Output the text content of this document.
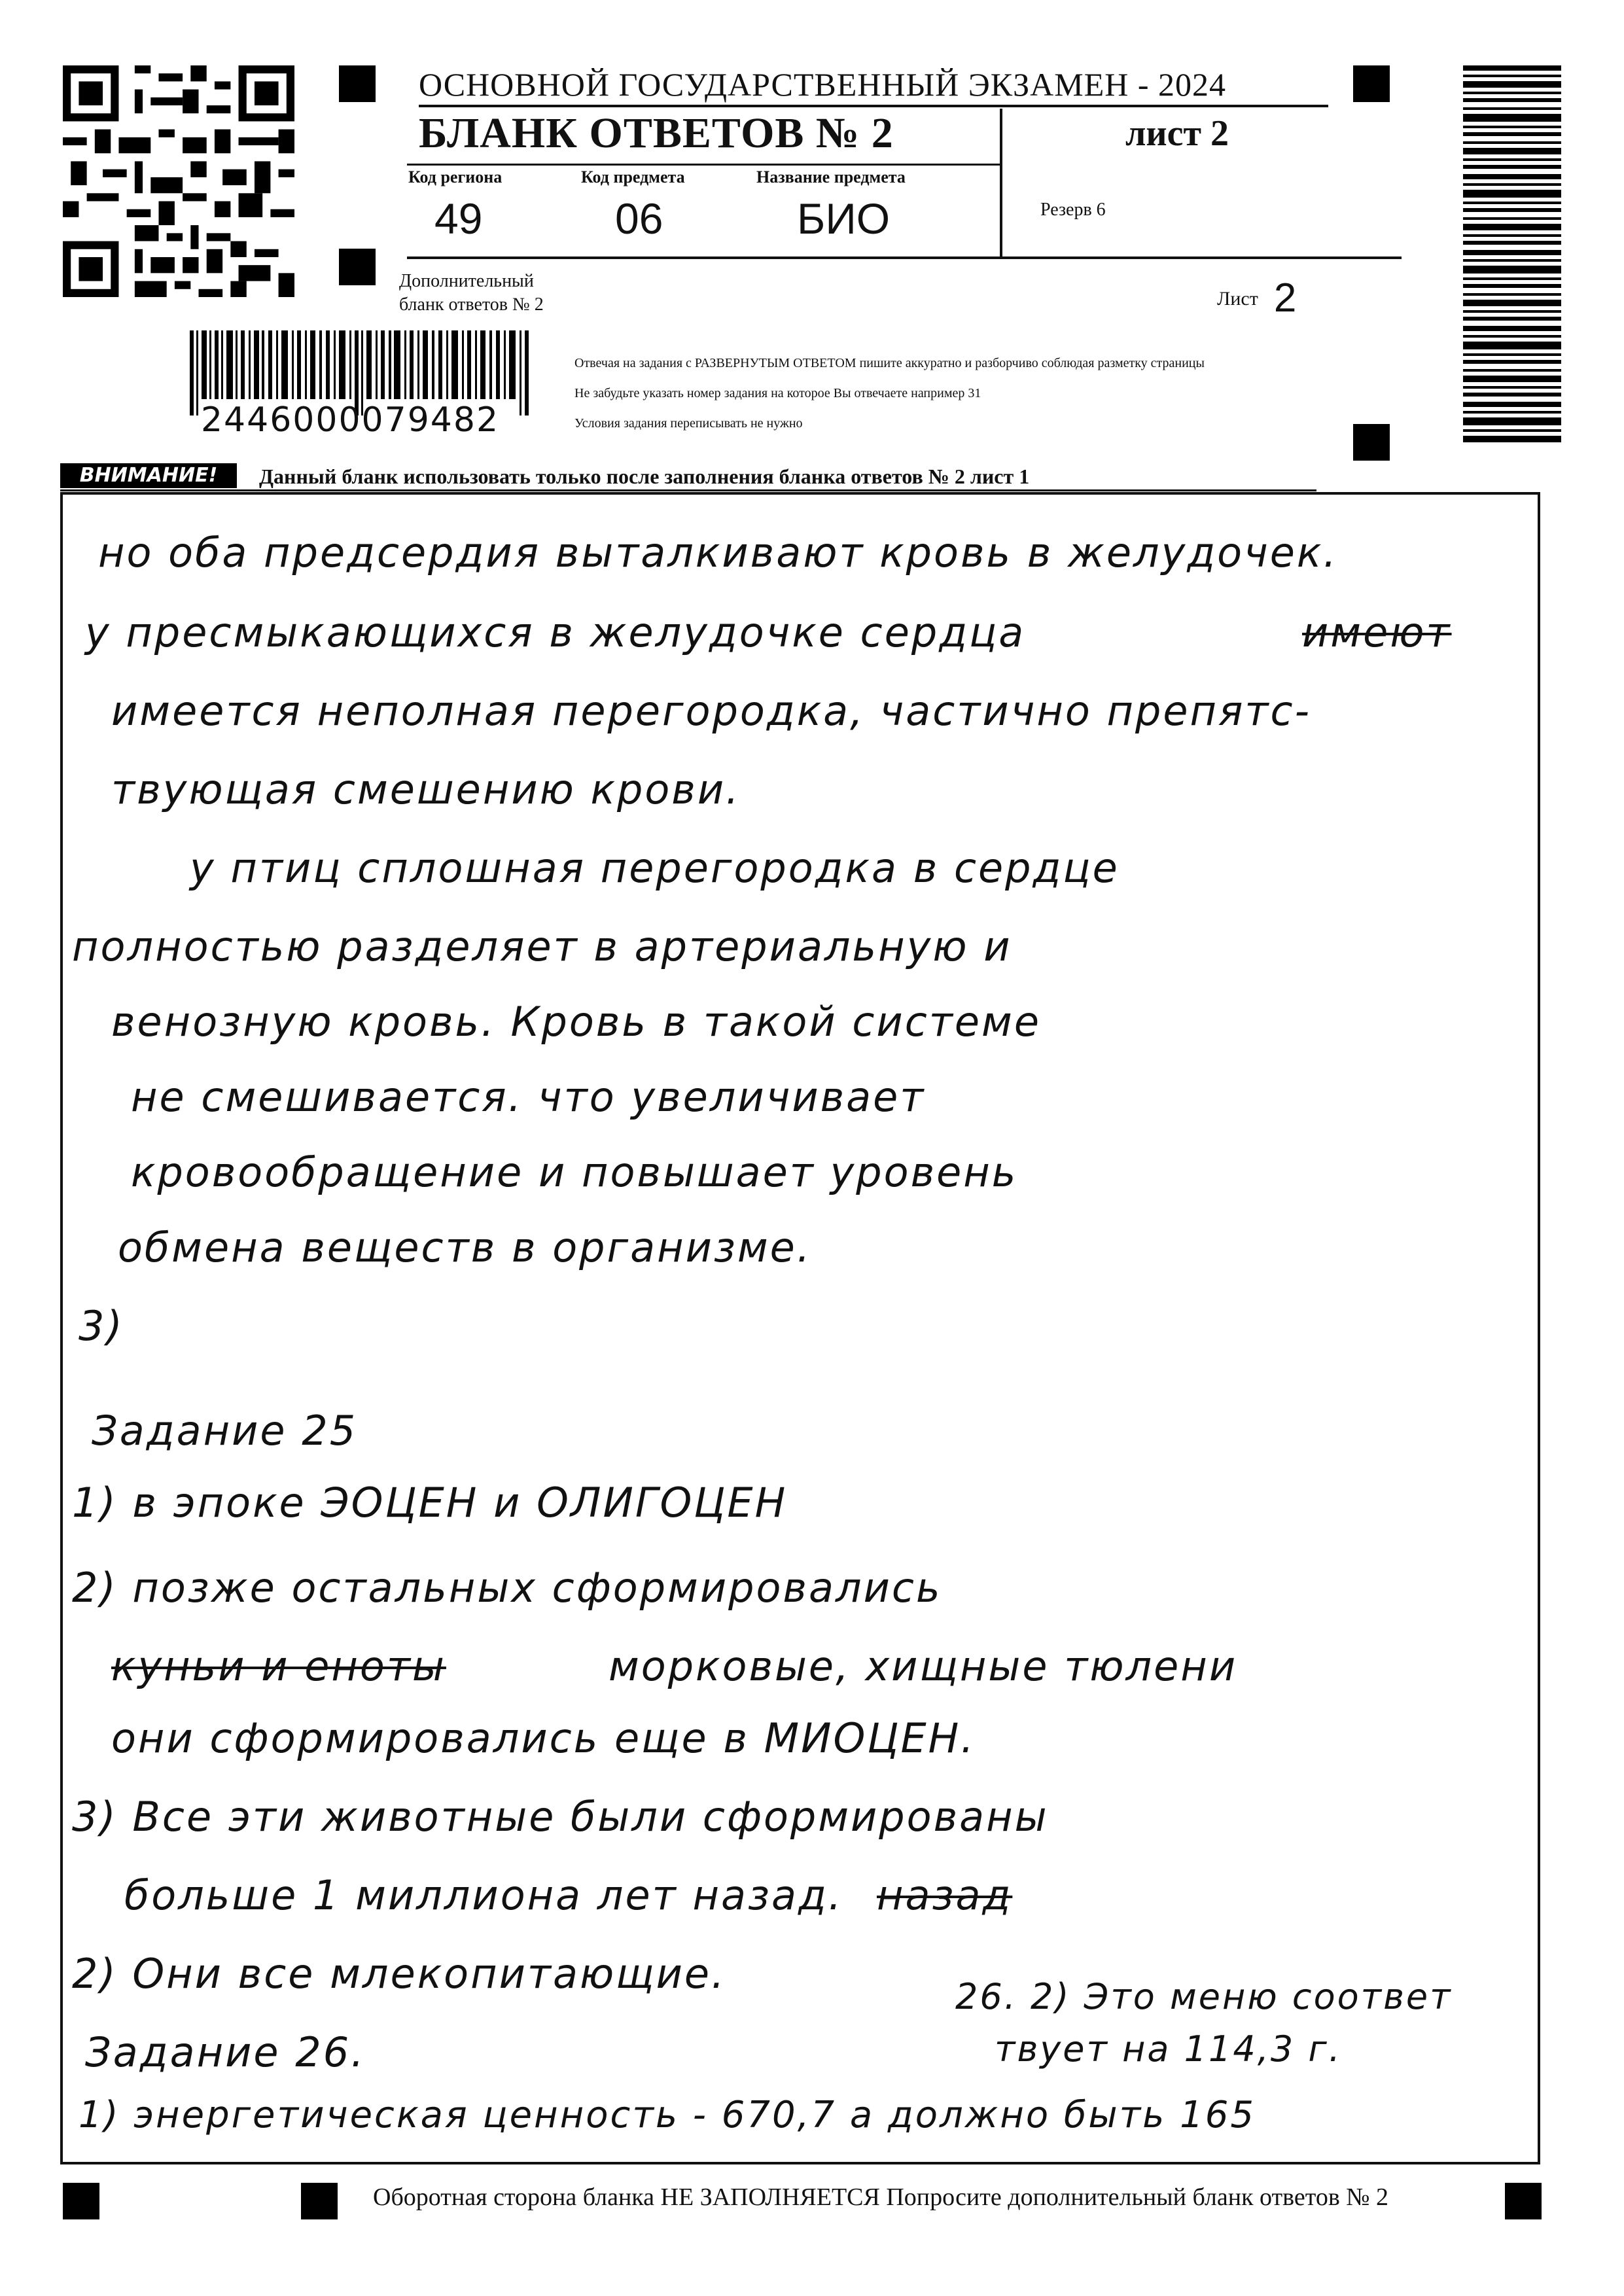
2446000079482
ОСНОВНОЙ ГОСУДАРСТВЕННЫЙ ЭКЗАМЕН - 2024
БЛАНК ОТВЕТОВ № 2	лист 2
Код региона
49
Код предмета
06
Название предмета
БИО	Резерв 6
Дополнительный
бланк ответов № 2	Лист 2
Отвечая на задания с РАЗВЕРНУТЫМ ОТВЕТОМ пишите аккуратно и разборчиво соблюдая разметку страницы
Не забудьте указать номер задания на которое Вы отвечаете например 31
Условия задания переписывать не нужно
ВНИМАНИЕ!	Данный бланк использовать только после заполнения бланка ответов № 2 лист 1
но оба предсердия выталкивают кровь в желудочек.
у пресмыкающихся в желудочке сердца	имеют
имеется неполная перегородка, частично препятс-
твующая смешению крови.
у птиц сплошная перегородка в сердце
полностью разделяет в артериальную и
венозную кровь. Кровь в такой системе
не смешивается. что увеличивает
кровообращение и повышает уровень
обмена веществ в организме.
3)
Задание 25
1) в эпоке ЭОЦЕН и ОЛИГОЦЕН
2) позже остальных сформировались
куньи и еноты	морковые, хищные тюлени
они сформировались еще в МИОЦЕН.
3) Все эти животные были сформированы
больше 1 миллиона лет назад. назад
2) Они все млекопитающие.
Задание 26.
26. 2) Это меню соответ
твует на 114,3 г.
1) энергетическая ценность - 670,7 а должно быть 165
Оборотная сторона бланка НЕ ЗАПОЛНЯЕТСЯ Попросите дополнительный бланк ответов № 2
